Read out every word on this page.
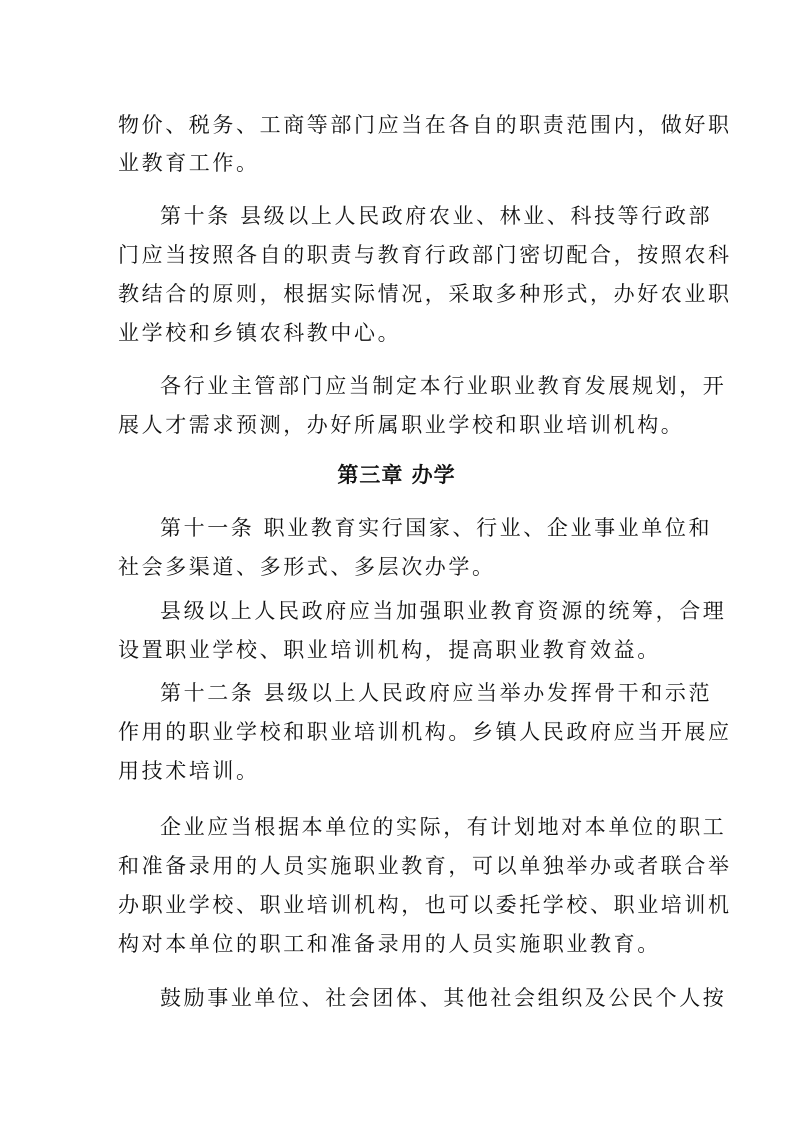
物价、税务、工商等部门应当在各自的职责范围内，做好职
业教育工作。
第十条 县级以上人民政府农业、林业、科技等行政部
门应当按照各自的职责与教育行政部门密切配合，按照农科
教结合的原则，根据实际情况，采取多种形式，办好农业职
业学校和乡镇农科教中心。
各行业主管部门应当制定本行业职业教育发展规划，开
展人才需求预测，办好所属职业学校和职业培训机构。
第三章 办学
第十一条 职业教育实行国家、行业、企业事业单位和
社会多渠道、多形式、多层次办学。
县级以上人民政府应当加强职业教育资源的统筹，合理
设置职业学校、职业培训机构，提高职业教育效益。
第十二条 县级以上人民政府应当举办发挥骨干和示范
作用的职业学校和职业培训机构。乡镇人民政府应当开展应
用技术培训。
企业应当根据本单位的实际，有计划地对本单位的职工
和准备录用的人员实施职业教育，可以单独举办或者联合举
办职业学校、职业培训机构，也可以委托学校、职业培训机
构对本单位的职工和准备录用的人员实施职业教育。
鼓励事业单位、社会团体、其他社会组织及公民个人按
